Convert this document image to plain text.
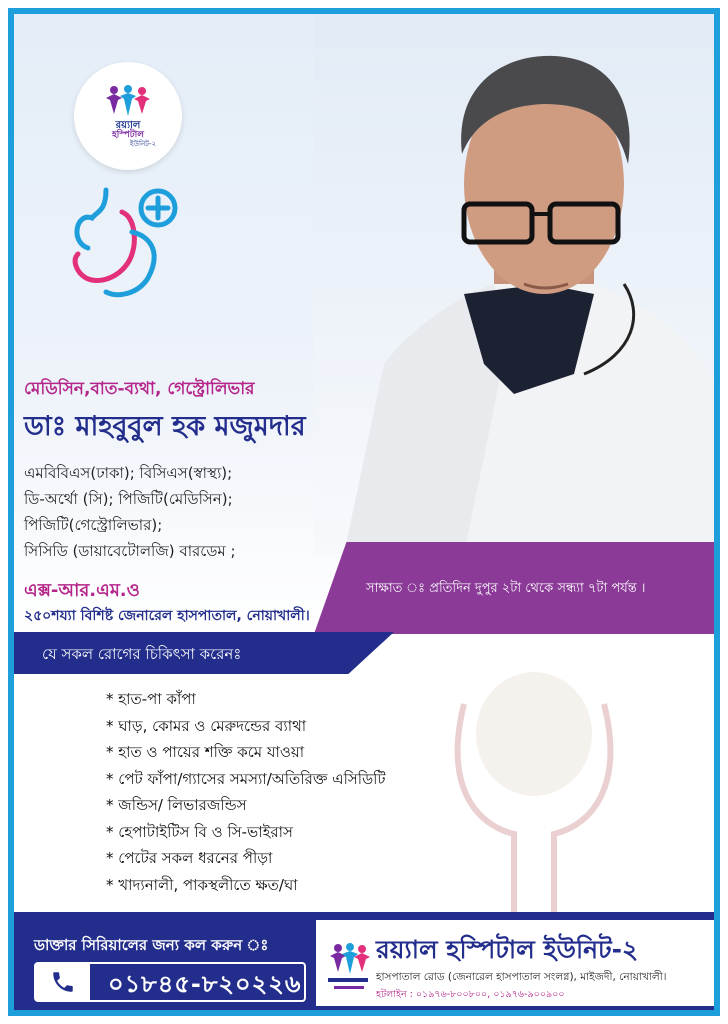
রয়্যাল
হস্পিটাল
ইউনিট-২
মেডিসিন,বাত-ব্যথা, গেস্ট্রোলিভার
ডাঃ মাহবুবুল হক মজুমদার
এমবিবিএস(ঢাকা); বিসিএস(স্বাস্থ্য);
ডি-অর্থো (সি); পিজিটি(মেডিসিন);
পিজিটি(গেস্ট্রোলিভার);
সিসিডি (ডায়াবেটোলজি) বারডেম ;
এক্স-আর.এম.ও
২৫০শয্যা বিশিষ্ট জেনারেল হাসপাতাল, নোয়াখালী।
সাক্ষাত ঃ প্রতিদিন দুপুর ২টা থেকে সন্ধ্যা ৭টা পর্যন্ত ।
যে সকল রোগের চিকিৎসা করেনঃ
* হাত-পা কাঁপা
* ঘাড়, কোমর ও মেরুদন্ডের ব্যাথা
* হাত ও পায়ের শক্তি কমে যাওয়া
* পেট ফাঁপা/গ্যাসের সমস্যা/অতিরিক্ত এসিডিটি
* জন্ডিস/ লিভারজন্ডিস
* হেপাটাইটিস বি ও সি-ভাইরাস
* পেটের সকল ধরনের পীড়া
* খাদ্যনালী, পাকস্থলীতে ক্ষত/ঘা
ডাক্তার সিরিয়ালের জন্য কল করুন ঃ
০১৮৪৫-৮২০২২৬
রয়্যাল হস্পিটাল ইউনিট-২
হাসপাতাল রোড (জেনারেল হাসপাতাল সংলগ্ন), মাইজদী, নোয়াখালী।
হটলাইন : ০১৯৭৬-৮০০৮০০, ০১৯৭৬-৯০০৯০০
